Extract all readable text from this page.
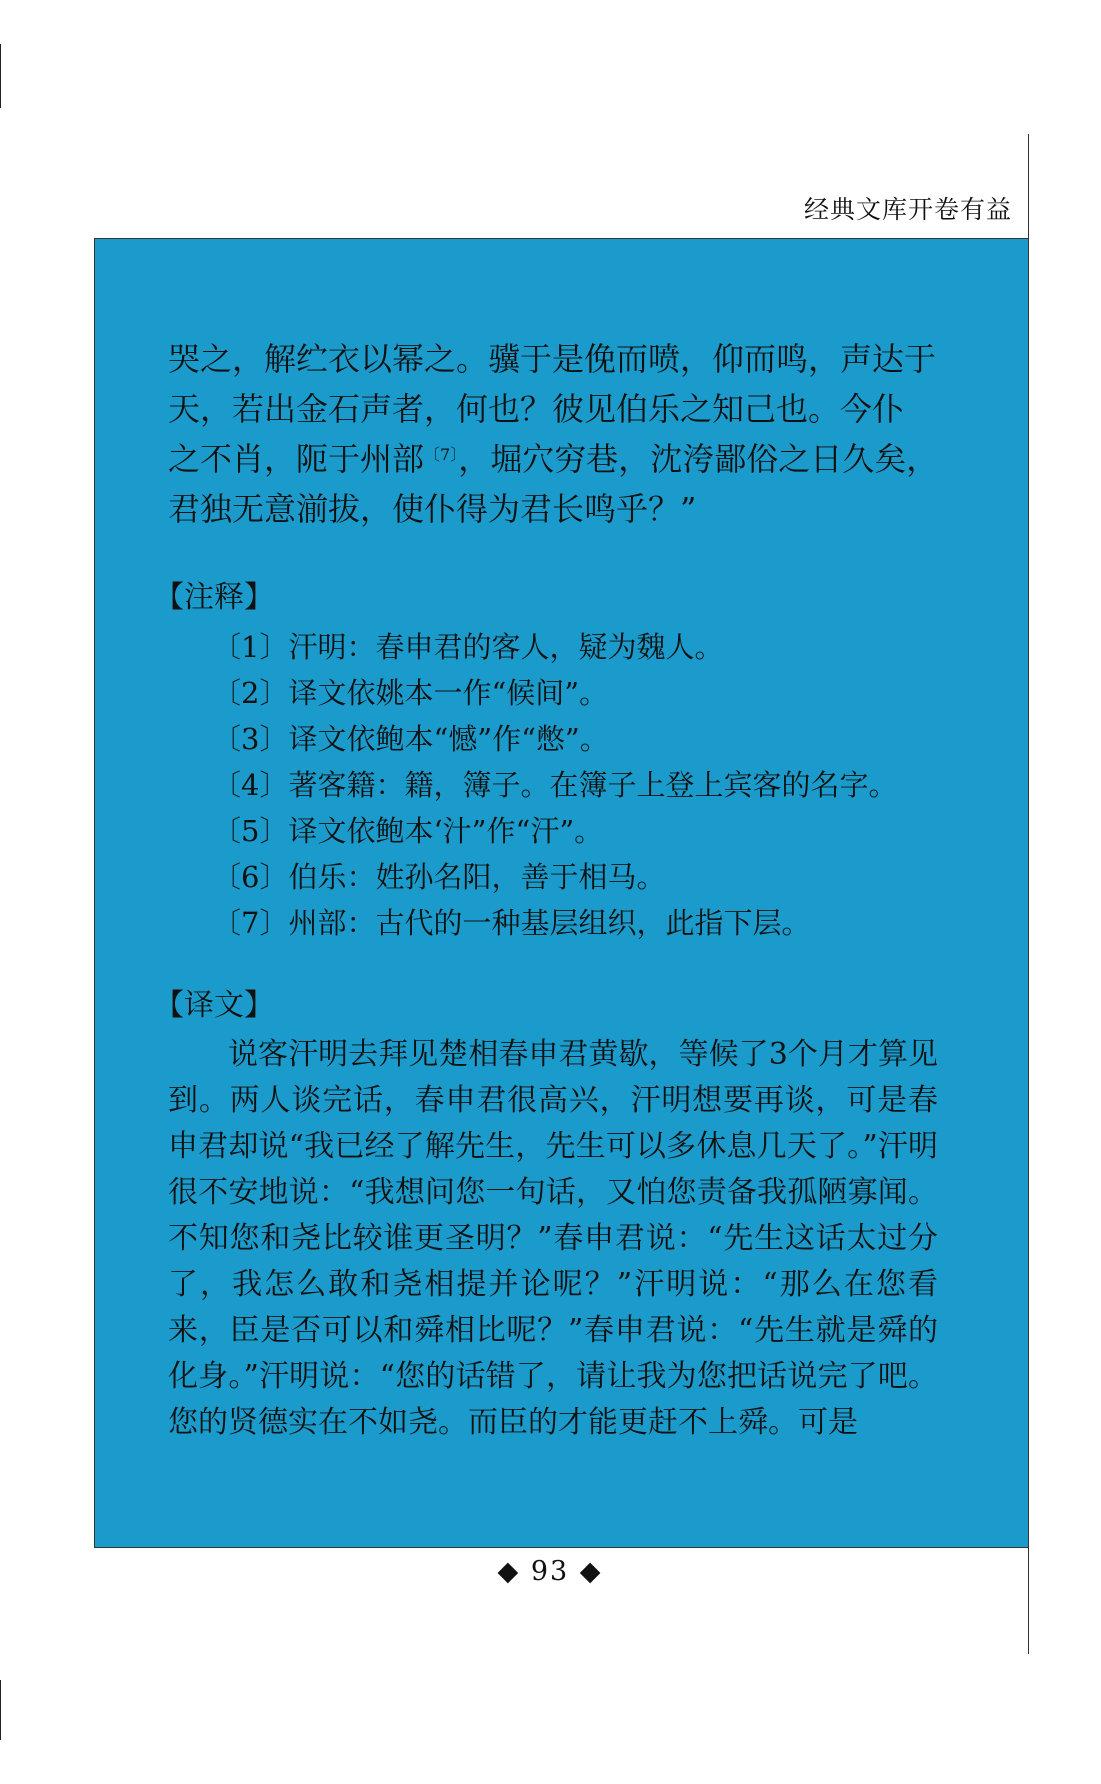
经典文库开卷有益

哭之，解纻衣以幂之。骥于是俛而喷，仰而鸣，声达于

天，若出金石声者，何也？彼见伯乐之知己也。今仆

之不肖，阨于州部$^{〔7〕}$，堀穴穷巷，沈洿鄙俗之日久矣，

君独无意湔拔，使仆得为君长鸣乎？”

【注释】

〔1〕汗明：春申君的客人，疑为魏人。
〔2〕译文依姚本一作“候间”。
〔3〕译文依鲍本“憾”作“憋”。
〔4〕著客籍：籍，簿子。在簿子上登上宾客的名字。
〔5〕译文依鲍本‘汁”作“汗”。
〔6〕伯乐：姓孙名阳，善于相马。
〔7〕州部：古代的一种基层组织，此指下层。

【译文】

说客汗明去拜见楚相春申君黄歇，等候了3个月才算见到。两人谈完话，春申君很高兴，汗明想要再谈，可是春申君却说“我已经了解先生，先生可以多休息几天了。”汗明很不安地说：“我想问您一句话，又怕您责备我孤陋寡闻。不知您和尧比较谁更圣明？”春申君说：“先生这话太过分了，我怎么敢和尧相提并论呢？”汗明说：“那么在您看来，臣是否可以和舜相比呢？”春申君说：“先生就是舜的化身。”汗明说：“您的话错了，请让我为您把话说完了吧。您的贤德实在不如尧。而臣的才能更赶不上舜。可是

◆ 93 ◆
